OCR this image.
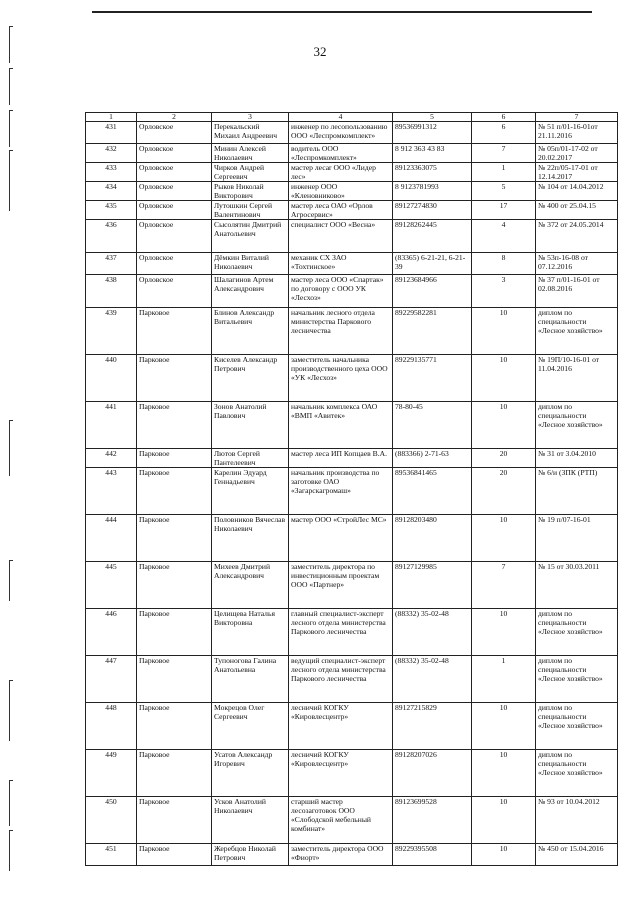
32
1	2	3	4	5	6	7
431	Орловское	Перекальский Михаил Андреевич	инженер по лесопользованию ООО «Леспромкомплект»	89536991312	6	№ 51 п/01-16-01от 21.11.2016
432	Орловское	Минин Алексей Николаевич	водитель ООО «Леспромкомплект»	8 912 363 43 83	7	№ 05п/01-17-02 от 20.02.2017
433	Орловское	Чирков Андрей Сергеевич	мастер лесаr ООО «Лидер лес»	89123363075	1	№ 22п/05-17-01 от 12.14.2017
434	Орловское	Рыков Николай Викторович	инженер ООО «Кленовниково»	8 9123781993	5	№ 104 от 14.04.2012
435	Орловское	Лутошкин Сергей Валентинович	мастер леса ОАО «Орлов Агросервис»	89127274830	17	№ 400 от 25.04.15
436	Орловское	Сысолятин Дмитрий Анатольевич	специалист ООО «Весна»	89128262445	4	№ 372 от 24.05.2014
437	Орловское	Дёмкин Виталий Николаевич	механик СХ ЗАО «Тохтинское»	(83365) 6-21-21, 6-21-39	8	№ 53п-16-08 от 07.12.2016
438	Орловское	Шалагинов Артем Александрович	мастер леса ООО «Спартак» по договору с ООО УК «Лесхоз»	89123684966	3	№ 37 п/01-16-01 от 02.08.2016
439	Парковое	Блинов Александр Витальевич	начальник лесного отдела министерства Паркового лесничества	89229582281	10	диплом по специальности «Лесное хозяйство»
440	Парковое	Киселев Александр Петрович	заместитель начальника производственного цеха ООО «УК «Лесхоз»	89229135771	10	№ 19П/10-16-01 от 11.04.2016
441	Парковое	Зонов Анатолий Павлович	начальник комплекса ОАО «ВМП «Авитек»	78-80-45	10	диплом по специальности «Лесное хозяйство»
442	Парковое	Лютов Сергей Пантелеевич	мастер леса ИП Копцаев В.А.	(883366) 2-71-63	20	№ 31 от 3.04.2010
443	Парковое	Карелин Эдуард Геннадьевич	начальник производства по заготовке ОАО «Загарскагромаш»	89536841465	20	№ 6/и (ЗПК (РТП)
444	Парковое	Половников Вячеслав Николаевич	мастер ООО «СтройЛес МС»	89128203480	10	№ 19 п/07-16-01
445	Парковое	Михеев Дмитрий Александрович	заместитель директора по инвестиционным проектам ООО «Партнер»	89127129985	7	№ 15 от 30.03.2011
446	Парковое	Целищева Наталья Викторовна	главный специалист-эксперт лесного отдела министерства Паркового лесничества	(88332) 35-02-48	10	диплом по специальности «Лесное хозяйство»
447	Парковое	Тупоногова Галина Анатольевна	ведущий специалист-эксперт лесного отдела министерства Паркового лесничества	(88332) 35-02-48	1	диплом по специальности «Лесное хозяйство»
448	Парковое	Мокрецов Олег Сергеевич	лесничий КОГКУ «Кировлесцентр»	89127215829	10	диплом по специальности «Лесное хозяйство»
449	Парковое	Усатов Александр Игоревич	лесничий КОГКУ «Кировлесцентр»	89128207026	10	диплом по специальности «Лесное хозяйство»
450	Парковое	Усков Анатолий Николаевич	старший мастер лесозаготовок ООО «Слободской мебельный комбинат»	89123699528	10	№ 93 от 10.04.2012
451	Парковое	Жеребцов Николай Петрович	заместитель директора ООО «Фиорт»	89229395508	10	№ 450 от 15.04.2016
